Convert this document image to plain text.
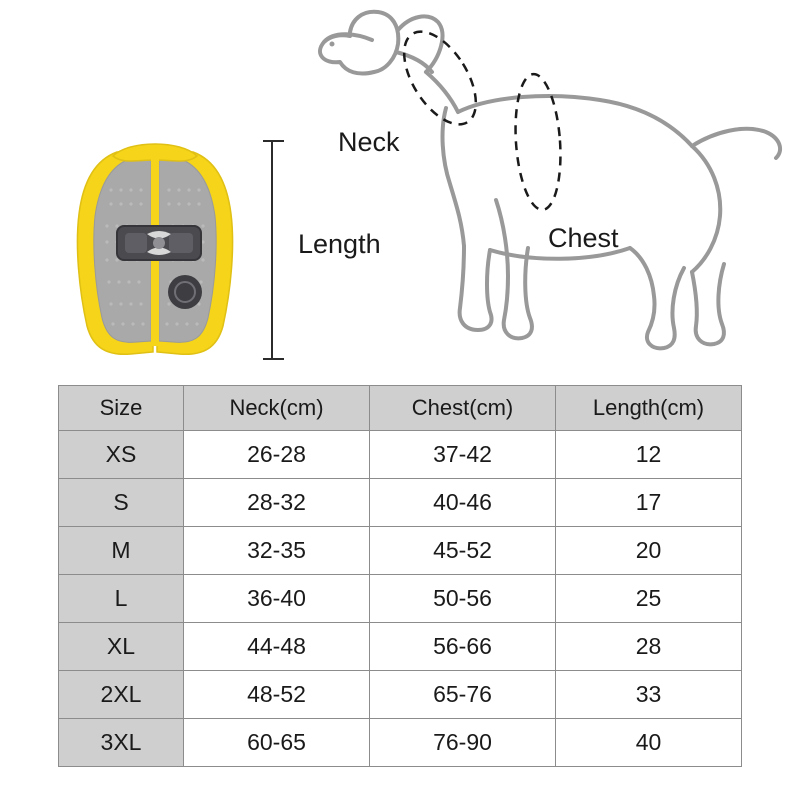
Length
Neck
Chest
Size	Neck(cm)	Chest(cm)	Length(cm)
XS	26-28	37-42	12
S	28-32	40-46	17
M	32-35	45-52	20
L	36-40	50-56	25
XL	44-48	56-66	28
2XL	48-52	65-76	33
3XL	60-65	76-90	40
